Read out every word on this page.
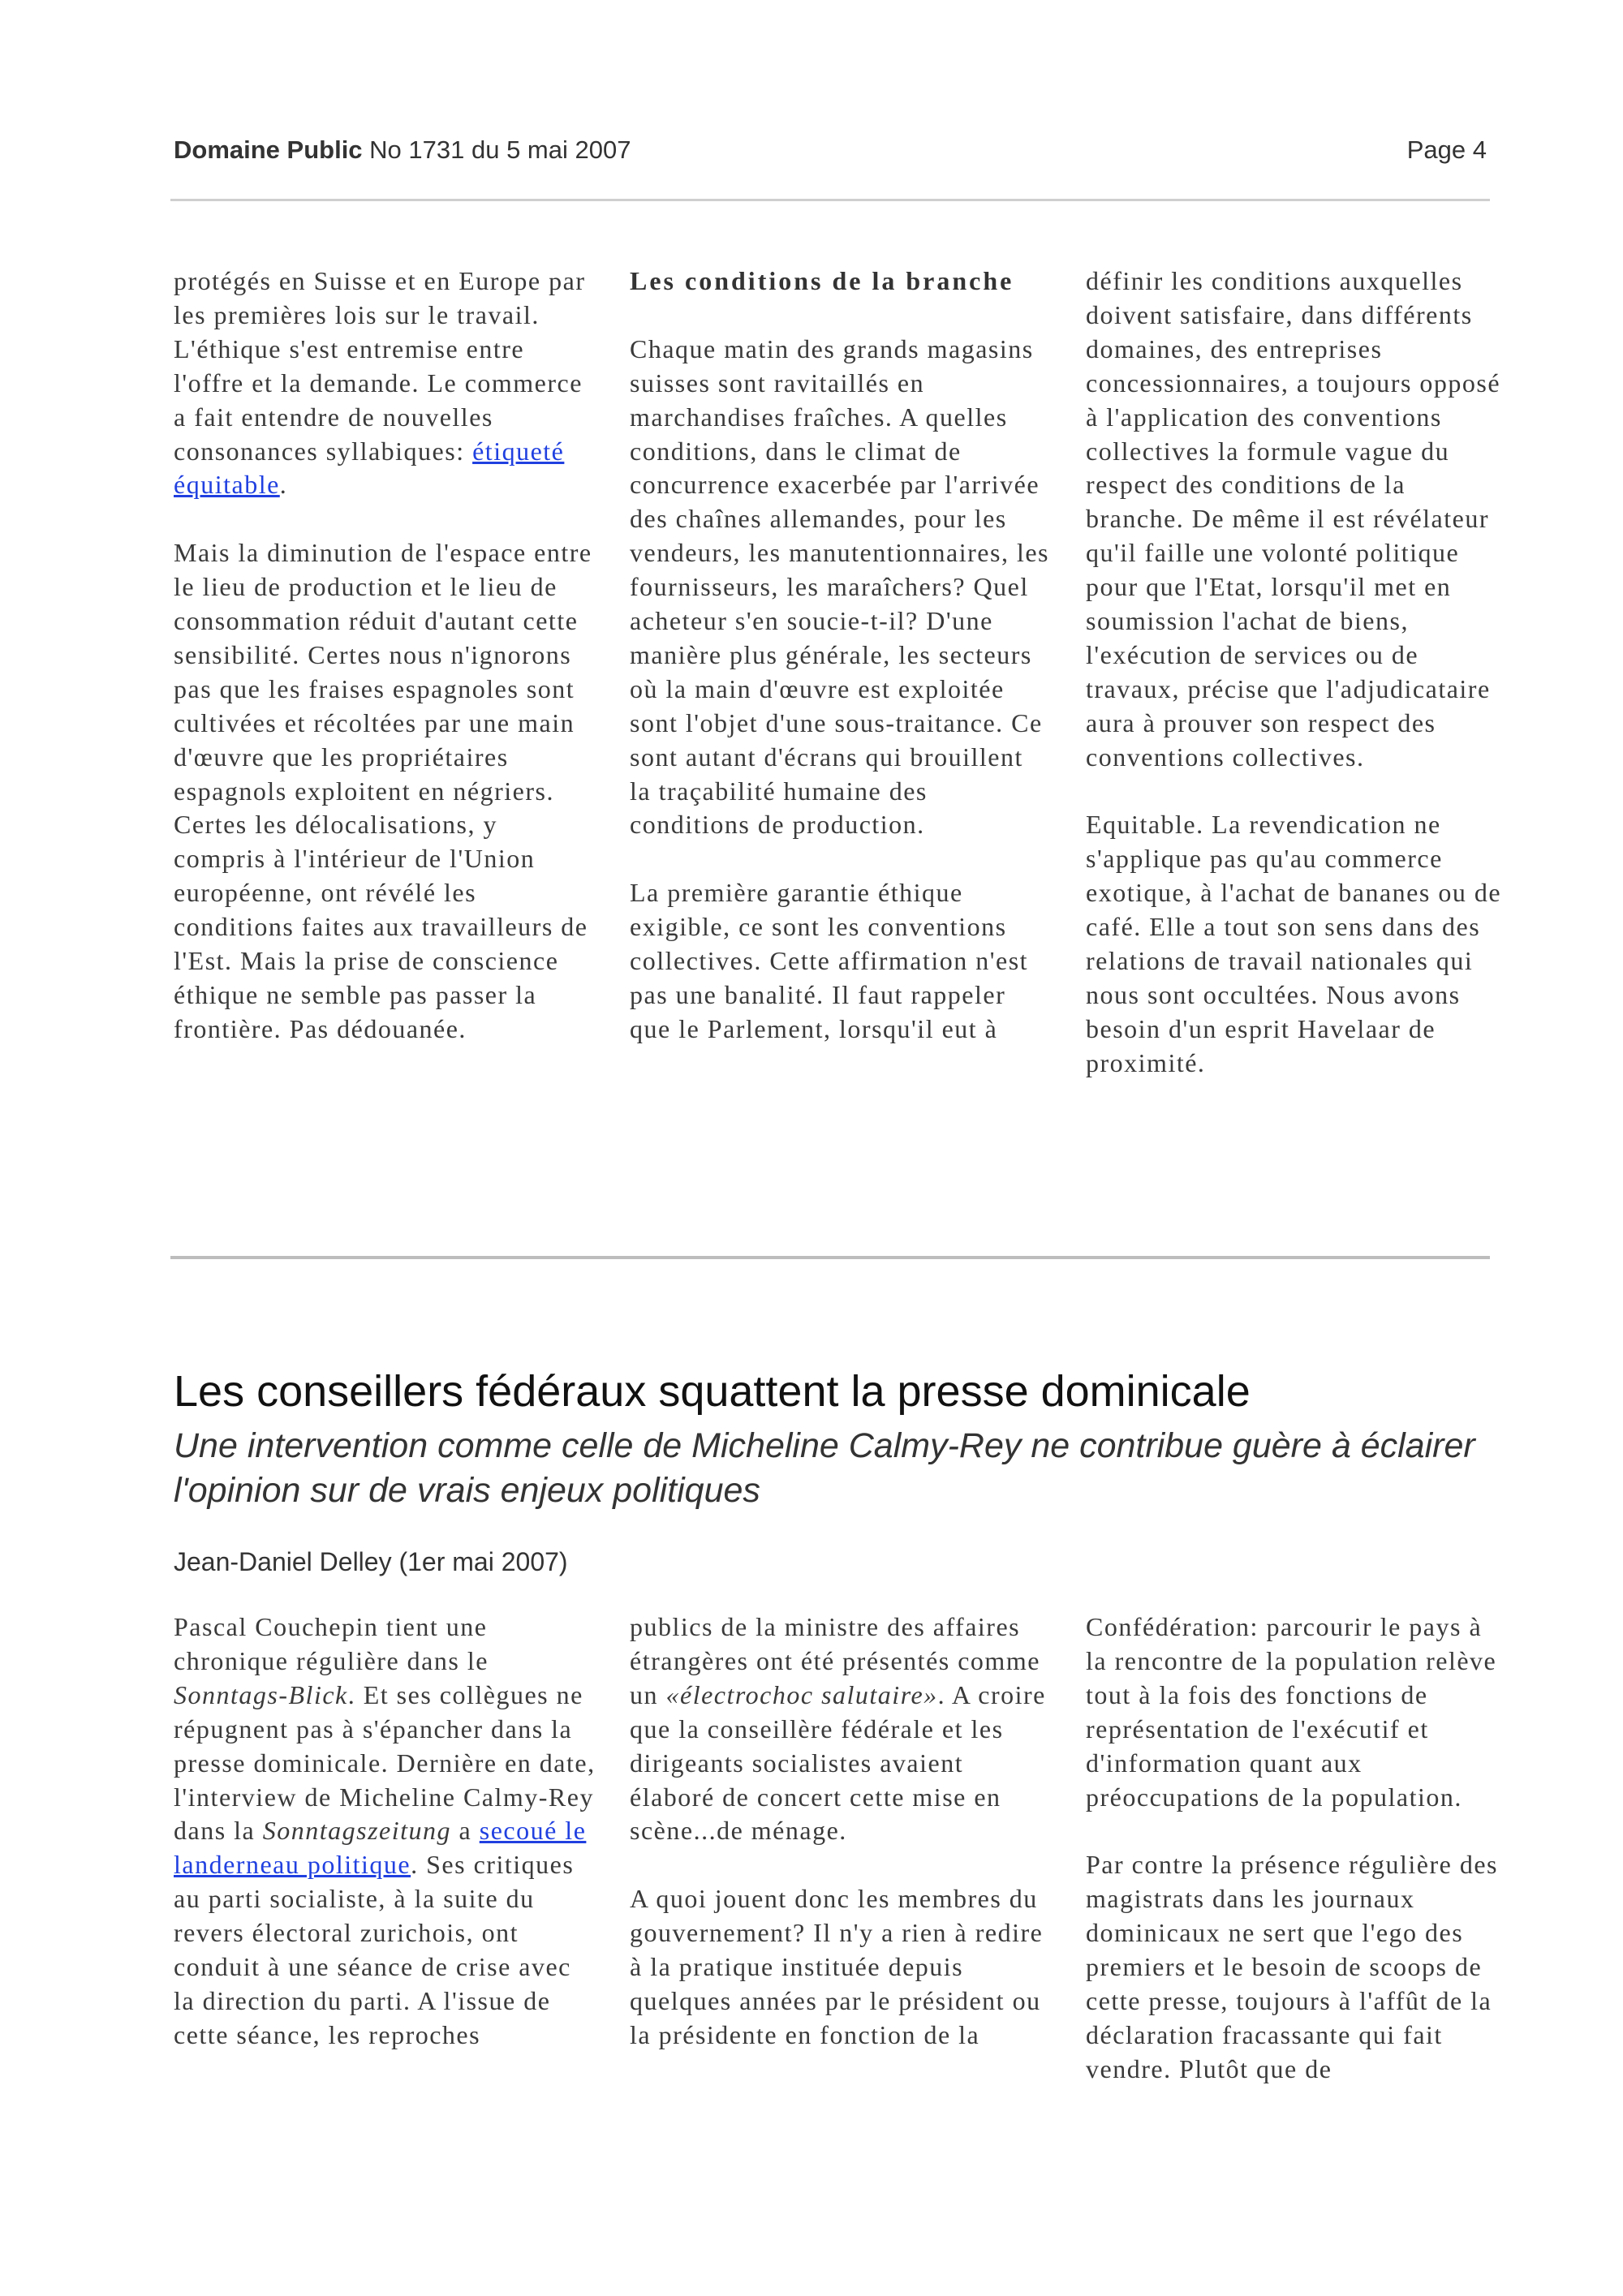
Domaine Public No 1731 du 5 mai 2007	Page 4

protégés en Suisse et en Europe par les premières lois sur le travail. L'éthique s'est entremise entre l'offre et la demande. Le commerce a fait entendre de nouvelles consonances syllabiques: étiqueté équitable.

Mais la diminution de l'espace entre le lieu de production et le lieu de consommation réduit d'autant cette sensibilité. Certes nous n'ignorons pas que les fraises espagnoles sont cultivées et récoltées par une main d'œuvre que les propriétaires espagnols exploitent en négriers. Certes les délocalisations, y compris à l'intérieur de l'Union européenne, ont révélé les conditions faites aux travailleurs de l'Est. Mais la prise de conscience éthique ne semble pas passer la frontière. Pas dédouanée.

Les conditions de la branche

Chaque matin des grands magasins suisses sont ravitaillés en marchandises fraîches. A quelles conditions, dans le climat de concurrence exacerbée par l'arrivée des chaînes allemandes, pour les vendeurs, les manutentionnaires, les fournisseurs, les maraîchers? Quel acheteur s'en soucie-t-il? D'une manière plus générale, les secteurs où la main d'œuvre est exploitée sont l'objet d'une sous-traitance. Ce sont autant d'écrans qui brouillent la traçabilité humaine des conditions de production.

La première garantie éthique exigible, ce sont les conventions collectives. Cette affirmation n'est pas une banalité. Il faut rappeler que le Parlement, lorsqu'il eut à

définir les conditions auxquelles doivent satisfaire, dans différents domaines, des entreprises concessionnaires, a toujours opposé à l'application des conventions collectives la formule vague du respect des conditions de la branche. De même il est révélateur qu'il faille une volonté politique pour que l'Etat, lorsqu'il met en soumission l'achat de biens, l'exécution de services ou de travaux, précise que l'adjudicataire aura à prouver son respect des conventions collectives.

Equitable. La revendication ne s'applique pas qu'au commerce exotique, à l'achat de bananes ou de café. Elle a tout son sens dans des relations de travail nationales qui nous sont occultées. Nous avons besoin d'un esprit Havelaar de proximité.

Les conseillers fédéraux squattent la presse dominicale
Une intervention comme celle de Micheline Calmy-Rey ne contribue guère à éclairer l'opinion sur de vrais enjeux politiques
Jean-Daniel Delley (1er mai 2007)

Pascal Couchepin tient une chronique régulière dans le Sonntags-Blick. Et ses collègues ne répugnent pas à s'épancher dans la presse dominicale. Dernière en date, l'interview de Micheline Calmy-Rey dans la Sonntagszeitung a secoué le landerneau politique. Ses critiques au parti socialiste, à la suite du revers électoral zurichois, ont conduit à une séance de crise avec la direction du parti. A l'issue de cette séance, les reproches

publics de la ministre des affaires étrangères ont été présentés comme un «électrochoc salutaire». A croire que la conseillère fédérale et les dirigeants socialistes avaient élaboré de concert cette mise en scène...de ménage.

A quoi jouent donc les membres du gouvernement? Il n'y a rien à redire à la pratique instituée depuis quelques années par le président ou la présidente en fonction de la

Confédération: parcourir le pays à la rencontre de la population relève tout à la fois des fonctions de représentation de l'exécutif et d'information quant aux préoccupations de la population.

Par contre la présence régulière des magistrats dans les journaux dominicaux ne sert que l'ego des premiers et le besoin de scoops de cette presse, toujours à l'affût de la déclaration fracassante qui fait vendre. Plutôt que de
